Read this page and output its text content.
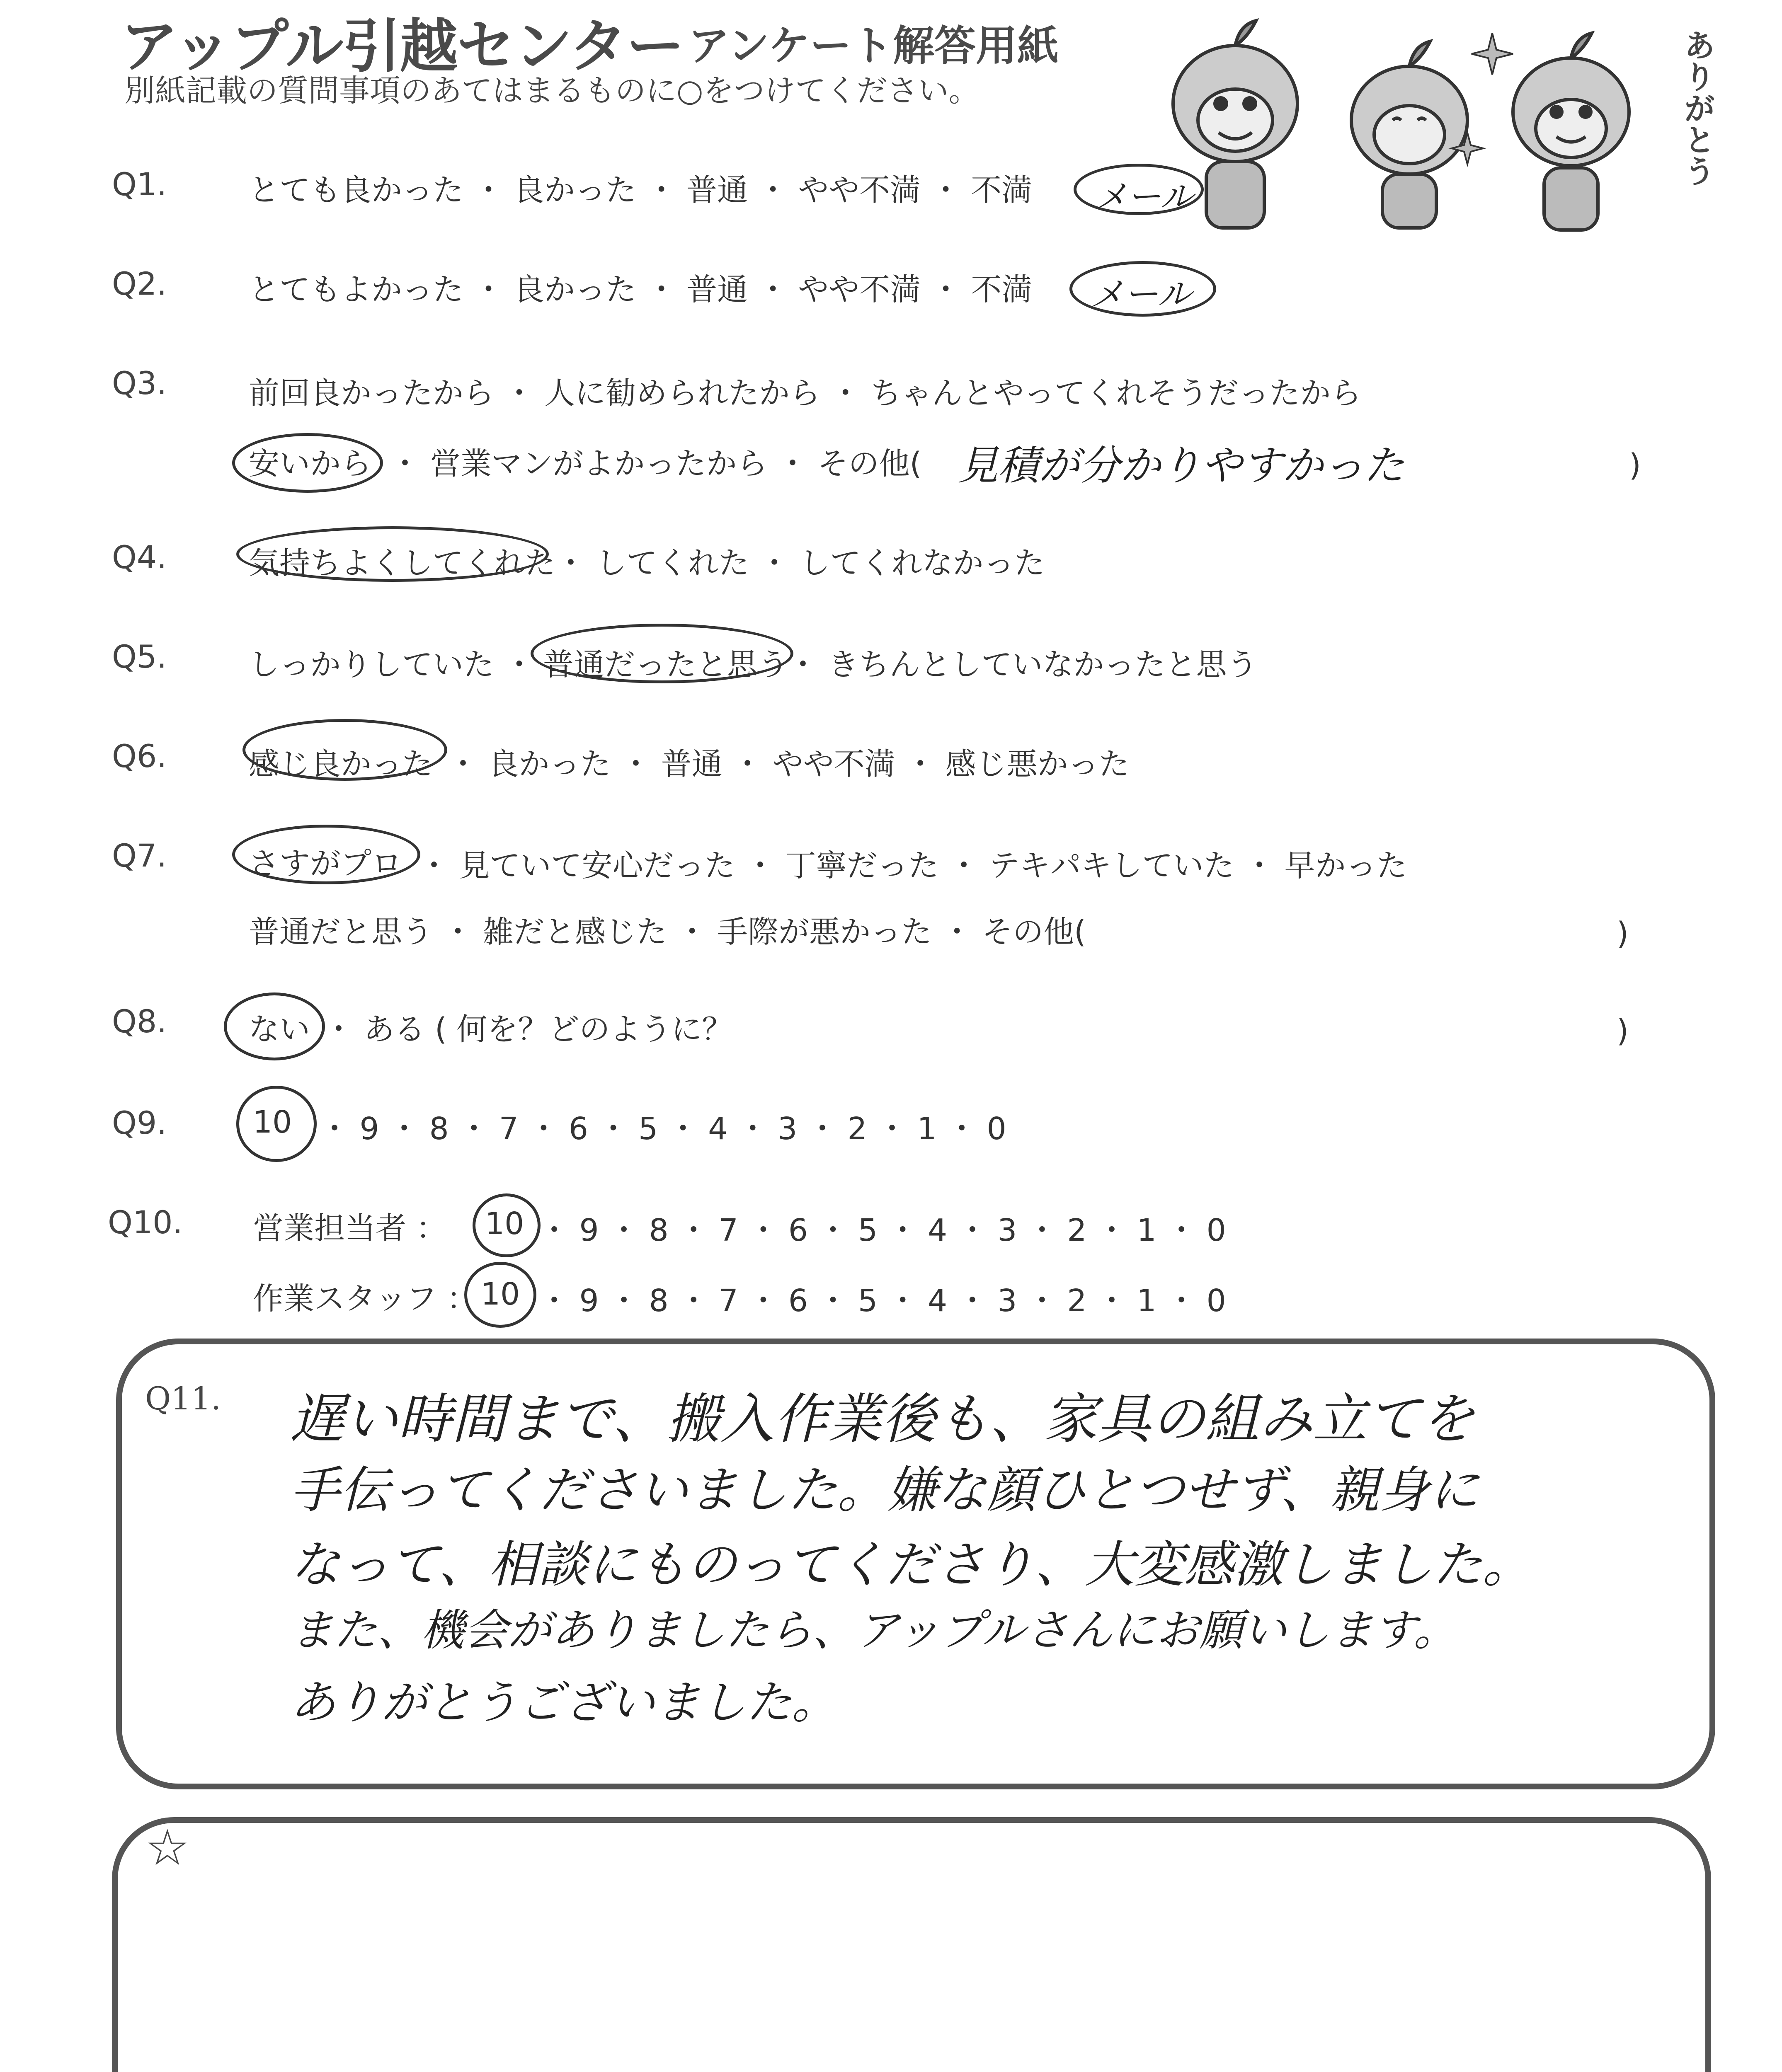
アップル引越センター アンケート解答用紙
別紙記載の質問事項のあてはまるものに○をつけてください。	ありがとう
Q1.	とても良かった ・ 良かった ・ 普通 ・ やや不満 ・ 不満 メール
Q2.	とてもよかった ・ 良かった ・ 普通 ・ やや不満 ・ 不満 メール
Q3.	前回良かったから ・ 人に勧められたから ・ ちゃんとやってくれそうだったから
安いから ・ 営業マンがよかったから ・ その他( 見積が分かりやすかった	)
Q4.	気持ちよくしてくれた ・ してくれた ・ してくれなかった
Q5.	しっかりしていた ・ 普通だったと思う
・ きちんとしていなかったと思う
Q6.	感じ良かった ・ 良かった ・ 普通 ・ やや不満 ・ 感じ悪かった
Q7.	さすがプロ ・ 見ていて安心だった ・ 丁寧だった ・ テキパキしていた ・ 早かった
普通だと思う ・ 雑だと感じた ・ 手際が悪かった ・ その他(	)
Q8.	ない ・ ある ( 何を？どのように？	)
Q9.	10 ・ 9 ・ 8 ・ 7 ・ 6 ・ 5 ・ 4 ・ 3 ・ 2 ・ 1 ・ 0
Q10. 営業担当者 ： 10 ・ 9 ・ 8 ・ 7 ・ 6 ・ 5 ・ 4 ・ 3 ・ 2 ・ 1 ・ 0
作業スタッフ ： 10 ・ 9 ・ 8 ・ 7 ・ 6 ・ 5 ・ 4 ・ 3 ・ 2 ・ 1 ・ 0
Q11. 遅い時間まで、搬入作業後も、家具の組み立てを
手伝ってくださいました。嫌な顔ひとつせず、親身に
なって、相談にものってくださり、大変感激しました。
また、機会がありましたら、アップルさんにお願いします。
ありがとうございました。
☆
